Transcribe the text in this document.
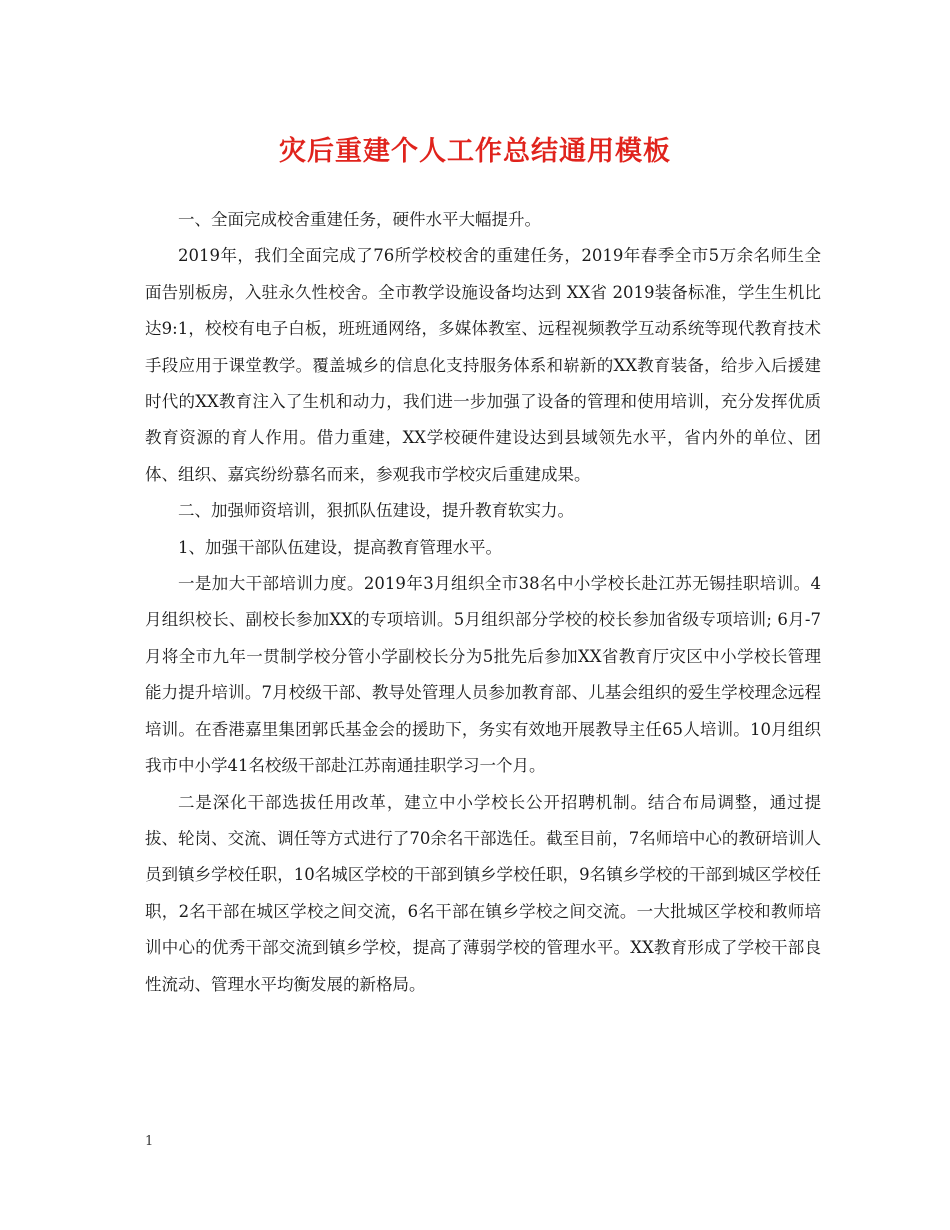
灾后重建个人工作总结通用模板

一、全面完成校舍重建任务，硬件水平大幅提升。

2019年，我们全面完成了76所学校校舍的重建任务，2019年春季全市5万余名师生全面告别板房，入驻永久性校舍。全市教学设施设备均达到 XX省 2019装备标准，学生生机比达9:1，校校有电子白板，班班通网络，多媒体教室、远程视频教学互动系统等现代教育技术手段应用于课堂教学。覆盖城乡的信息化支持服务体系和崭新的XX教育装备，给步入后援建时代的XX教育注入了生机和动力，我们进一步加强了设备的管理和使用培训，充分发挥优质教育资源的育人作用。借力重建，XX学校硬件建设达到县域领先水平，省内外的单位、团体、组织、嘉宾纷纷慕名而来，参观我市学校灾后重建成果。

二、加强师资培训，狠抓队伍建设，提升教育软实力。

1、加强干部队伍建设，提高教育管理水平。

一是加大干部培训力度。2019年3月组织全市38名中小学校长赴江苏无锡挂职培训。4月组织校长、副校长参加XX的专项培训。5月组织部分学校的校长参加省级专项培训; 6月-7月将全市九年一贯制学校分管小学副校长分为5批先后参加XX省教育厅灾区中小学校长管理能力提升培训。7月校级干部、教导处管理人员参加教育部、儿基会组织的爱生学校理念远程培训。在香港嘉里集团郭氏基金会的援助下，务实有效地开展教导主任65人培训。10月组织我市中小学41名校级干部赴江苏南通挂职学习一个月。

二是深化干部选拔任用改革，建立中小学校长公开招聘机制。结合布局调整，通过提拔、轮岗、交流、调任等方式进行了70余名干部选任。截至目前，7名师培中心的教研培训人员到镇乡学校任职，10名城区学校的干部到镇乡学校任职，9名镇乡学校的干部到城区学校任职，2名干部在城区学校之间交流，6名干部在镇乡学校之间交流。一大批城区学校和教师培训中心的优秀干部交流到镇乡学校，提高了薄弱学校的管理水平。XX教育形成了学校干部良性流动、管理水平均衡发展的新格局。

1
